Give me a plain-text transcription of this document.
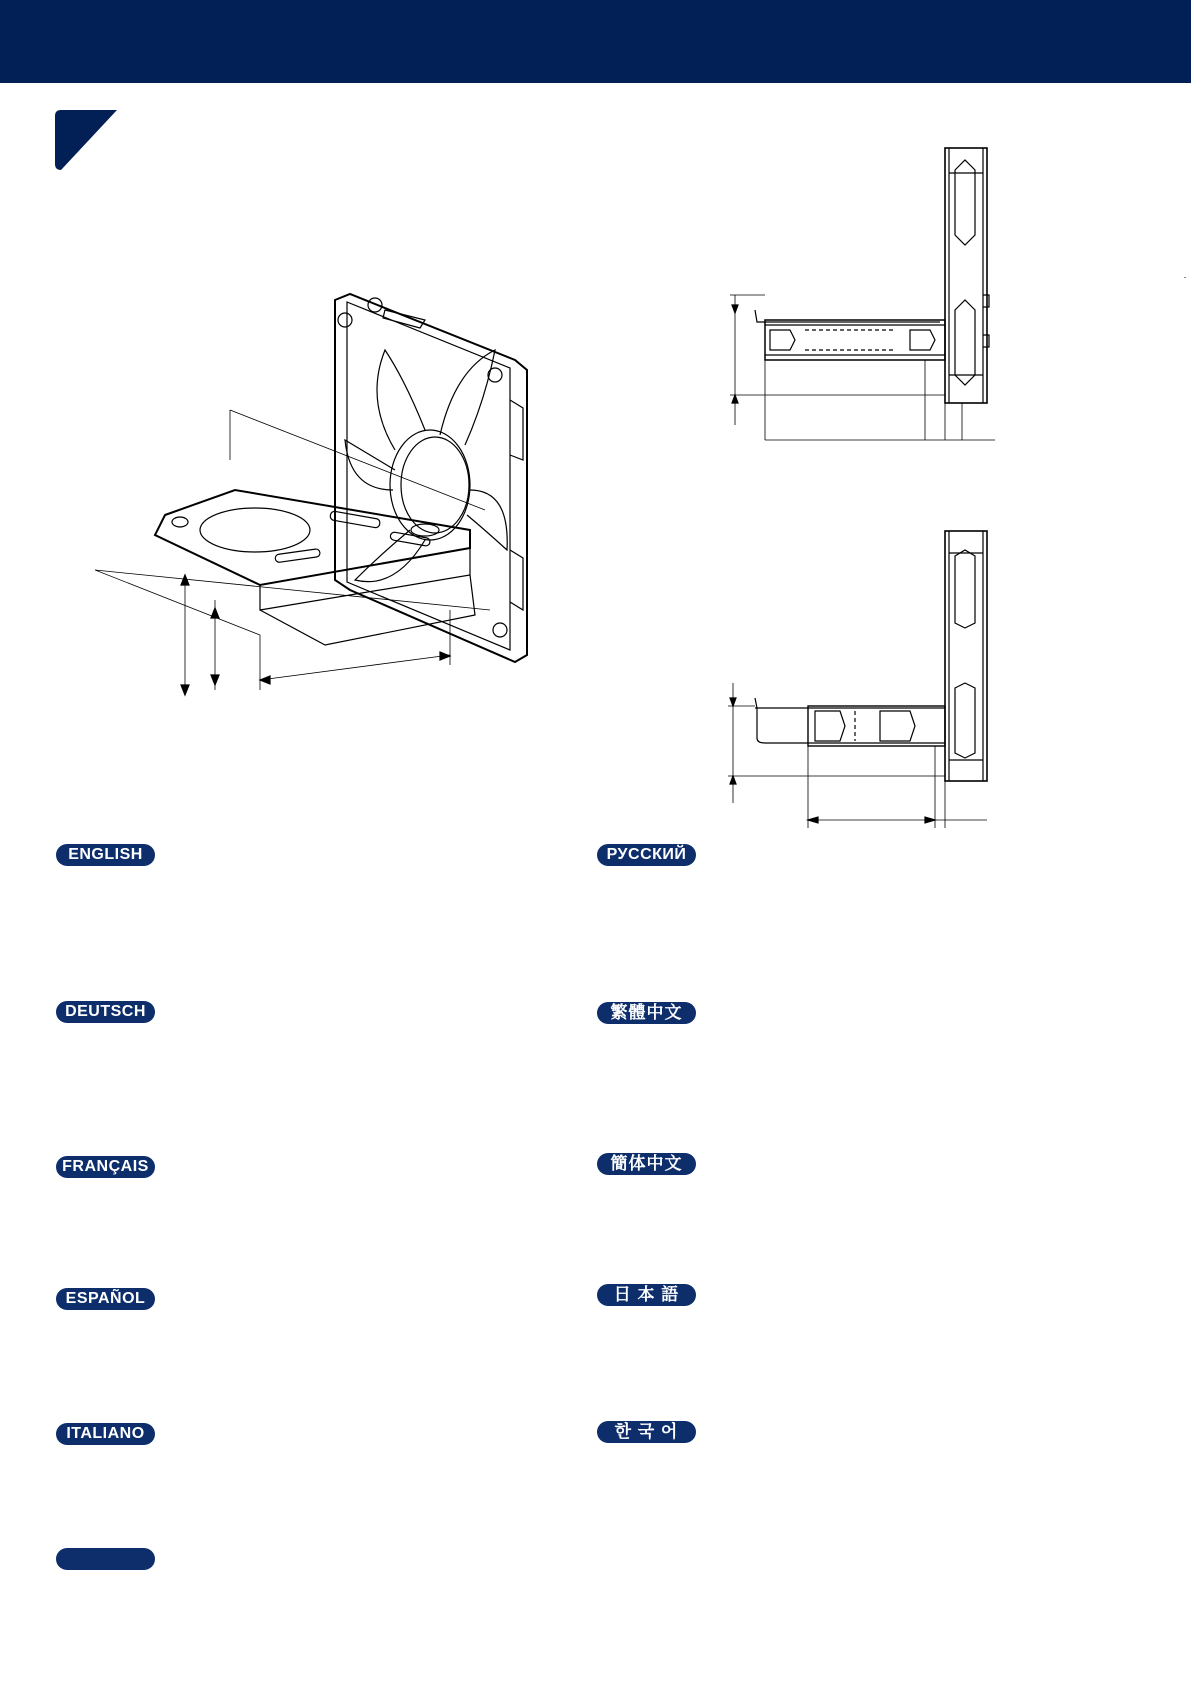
ENGLISH
DEUTSCH
FRANÇAIS
ESPAÑOL
ITALIANO
РУССКИЙ
繁體中文
簡体中文
日 本 語
한 국 어
